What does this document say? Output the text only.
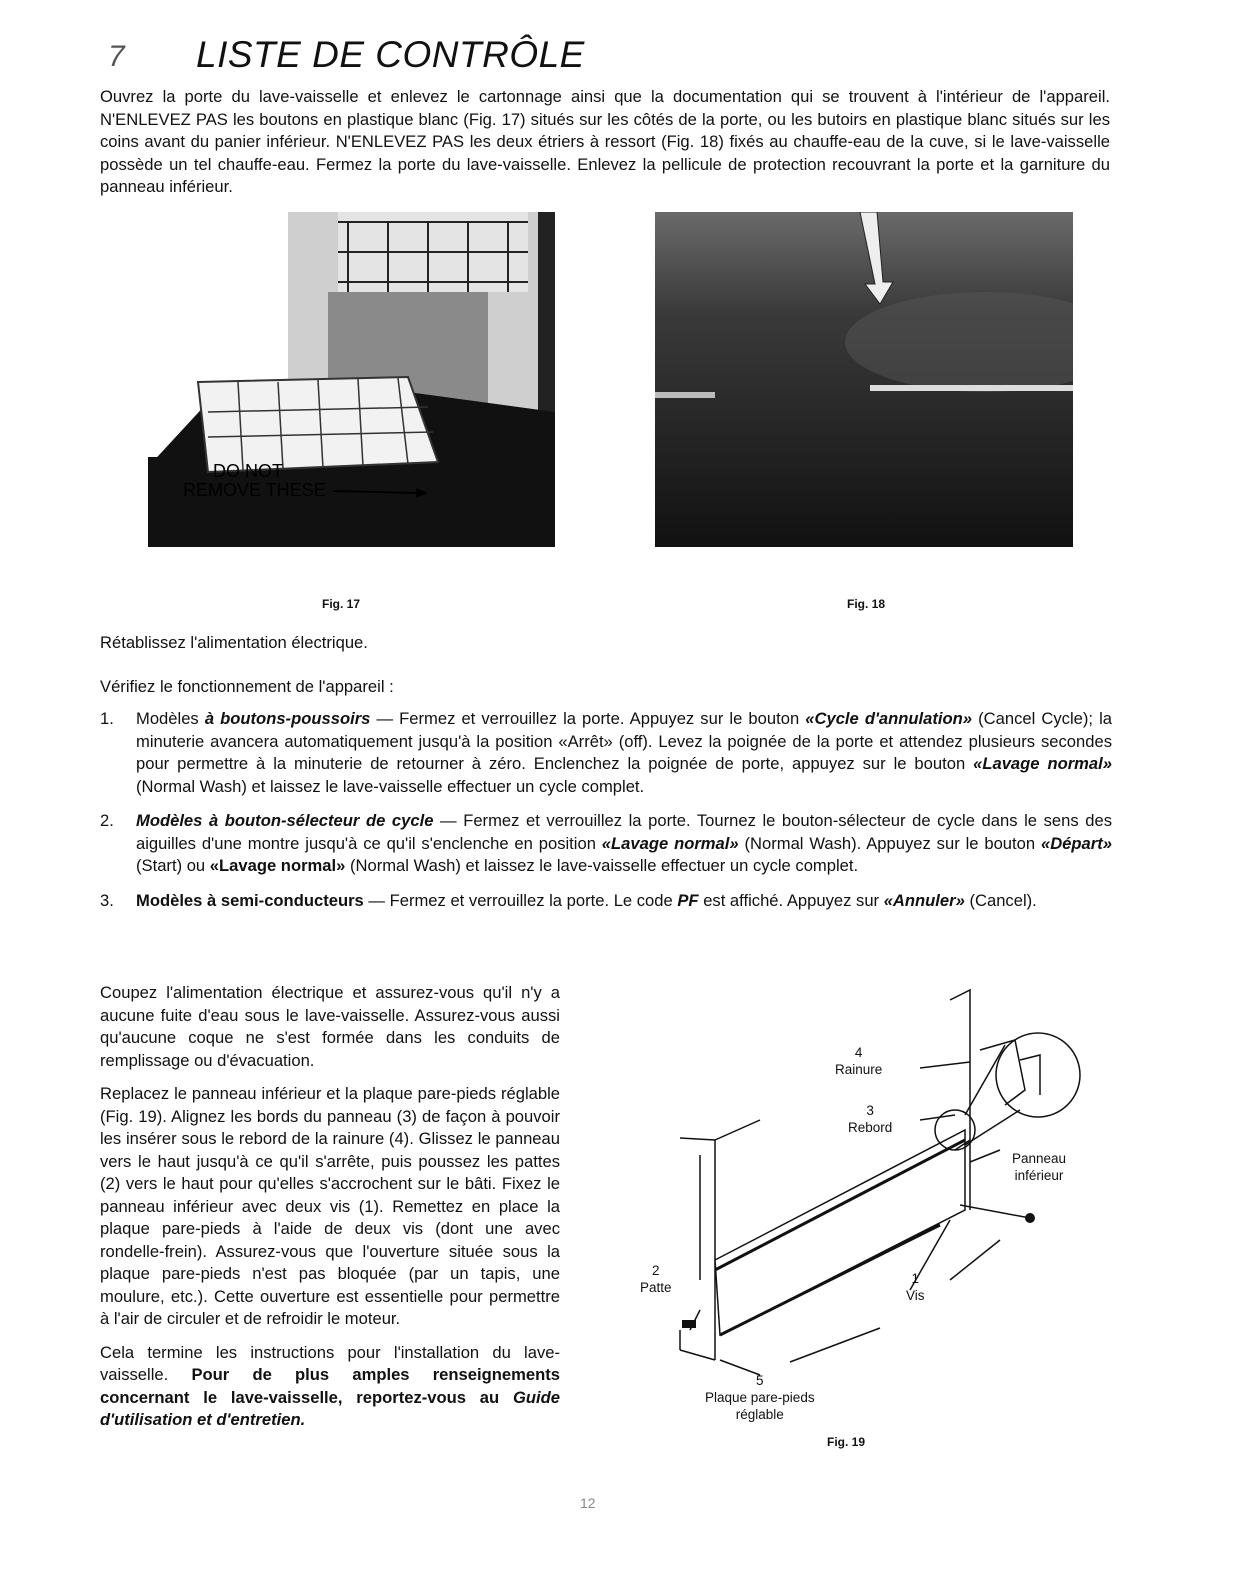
7 LISTE DE CONTRÔLE
Ouvrez la porte du lave-vaisselle et enlevez le cartonnage ainsi que la documentation qui se trouvent à l'intérieur de l'appareil. N'ENLEVEZ PAS les boutons en plastique blanc (Fig. 17) situés sur les côtés de la porte, ou les butoirs en plastique blanc situés sur les coins avant du panier inférieur. N'ENLEVEZ PAS les deux étriers à ressort (Fig. 18) fixés au chauffe-eau de la cuve, si le lave-vaisselle possède un tel chauffe-eau. Fermez la porte du lave-vaisselle. Enlevez la pellicule de protection recouvrant la porte et la garniture du panneau inférieur.
DO NOT
REMOVE THESE
Fig. 17	Fig. 18
Rétablissez l'alimentation électrique.
Vérifiez le fonctionnement de l'appareil :
1. Modèles à boutons-poussoirs — Fermez et verrouillez la porte. Appuyez sur le bouton «Cycle d'annulation» (Cancel Cycle); la minuterie avancera automatiquement jusqu'à la position «Arrêt» (off). Levez la poignée de la porte et attendez plusieurs secondes pour permettre à la minuterie de retourner à zéro. Enclenchez la poignée de porte, appuyez sur le bouton «Lavage normal» (Normal Wash) et laissez le lave-vaisselle effectuer un cycle complet.
2. Modèles à bouton-sélecteur de cycle — Fermez et verrouillez la porte. Tournez le bouton-sélecteur de cycle dans le sens des aiguilles d'une montre jusqu'à ce qu'il s'enclenche en position «Lavage normal» (Normal Wash). Appuyez sur le bouton «Départ» (Start) ou «Lavage normal» (Normal Wash) et laissez le lave-vaisselle effectuer un cycle complet.
3. Modèles à semi-conducteurs — Fermez et verrouillez la porte. Le code PF est affiché. Appuyez sur «Annuler» (Cancel).

Coupez l'alimentation électrique et assurez-vous qu'il n'y a aucune fuite d'eau sous le lave-vaisselle. Assurez-vous aussi qu'aucune coque ne s'est formée dans les conduits de remplissage ou d'évacuation.

Replacez le panneau inférieur et la plaque pare-pieds réglable (Fig. 19). Alignez les bords du panneau (3) de façon à pouvoir les insérer sous le rebord de la rainure (4). Glissez le panneau vers le haut jusqu'à ce qu'il s'arrête, puis poussez les pattes (2) vers le haut pour qu'elles s'accrochent sur le bâti. Fixez le panneau inférieur avec deux vis (1). Remettez en place la plaque pare-pieds à l'aide de deux vis (dont une avec rondelle-frein). Assurez-vous que l'ouverture située sous la plaque pare-pieds n'est pas bloquée (par un tapis, une moulure, etc.). Cette ouverture est essentielle pour permettre à l'air de circuler et de refroidir le moteur.

Cela termine les instructions pour l'installation du lave-vaisselle. Pour de plus amples renseignements concernant le lave-vaisselle, reportez-vous au Guide d'utilisation et d'entretien.

4
Rainure
3
Rebord
Panneau
inférieur
1
Vis
2
Patte
5
Plaque pare-pieds
réglable
Fig. 19
12
